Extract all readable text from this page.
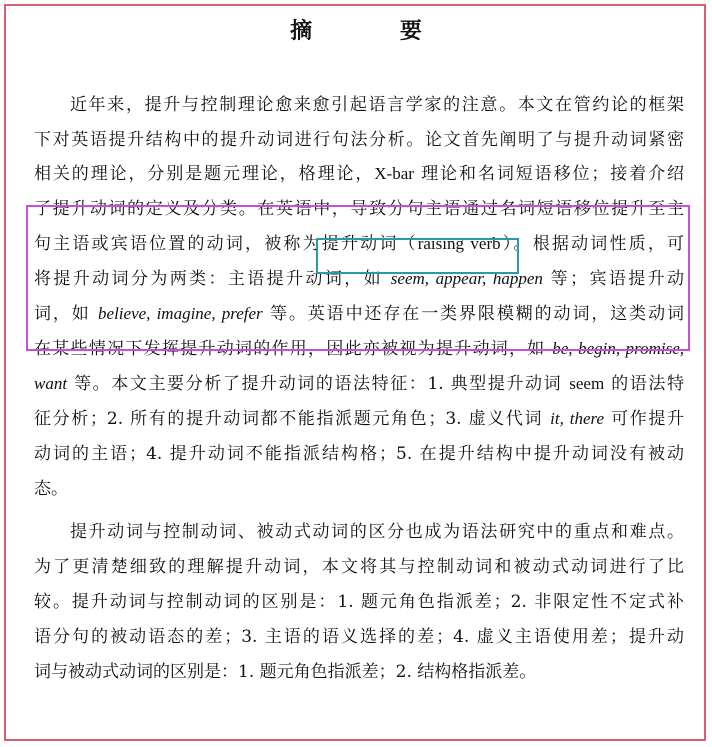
摘 要
近年来，提升与控制理论愈来愈引起语言学家的注意。本文在管约论的框架
下对英语提升结构中的提升动词进行句法分析。论文首先阐明了与提升动词紧密
相关的理论，分别是题元理论，格理论，X-bar 理论和名词短语移位；接着介绍
了提升动词的定义及分类。在英语中，导致分句主语通过名词短语移位提升至主
句主语或宾语位置的动词，被称为提升动词（raising verb）。根据动词性质，可
将提升动词分为两类：主语提升动词，如 seem, appear, happen 等；宾语提升动
词，如 believe, imagine, prefer 等。英语中还存在一类界限模糊的动词，这类动词
在某些情况下发挥提升动词的作用，因此亦被视为提升动词，如 be, begin, promise,
want 等。本文主要分析了提升动词的语法特征：1. 典型提升动词 seem 的语法特
征分析；2. 所有的提升动词都不能指派题元角色；3. 虚义代词 it, there 可作提升
动词的主语；4. 提升动词不能指派结构格；5. 在提升结构中提升动词没有被动
态。
提升动词与控制动词、被动式动词的区分也成为语法研究中的重点和难点。
为了更清楚细致的理解提升动词，本文将其与控制动词和被动式动词进行了比
较。提升动词与控制动词的区别是：1. 题元角色指派差；2. 非限定性不定式补
语分句的被动语态的差；3. 主语的语义选择的差；4. 虚义主语使用差；提升动
词与被动式动词的区别是：1. 题元角色指派差；2. 结构格指派差。
